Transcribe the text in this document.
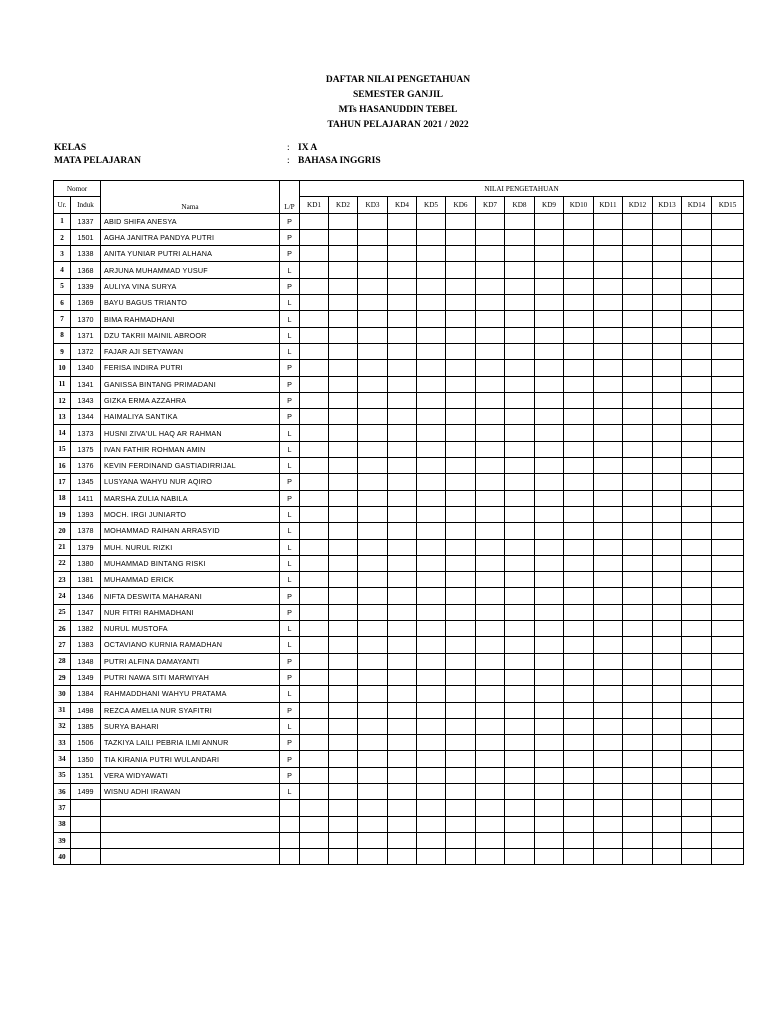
DAFTAR NILAI PENGETAHUAN
SEMESTER GANJIL
MTs HASANUDDIN TEBEL
TAHUN PELAJARAN 2021 / 2022
KELAS	: IX A
MATA PELAJARAN	: BAHASA INGGRIS
Nomor		Nama	L/P	NILAI PENGETAHUAN														
Ur.	Induk			KD1	KD2	KD3	KD4	KD5	KD6	KD7	KD8	KD9	KD10	KD11	KD12	KD13	KD14	KD15
1	1337	ABID SHIFA ANESYA	P															
2	1501	AGHA JANITRA PANDYA PUTRI	P															
3	1338	ANITA YUNIAR PUTRI ALHANA	P															
4	1368	ARJUNA MUHAMMAD YUSUF	L															
5	1339	AULIYA VINA SURYA	P															
6	1369	BAYU BAGUS TRIANTO	L															
7	1370	BIMA RAHMADHANI	L															
8	1371	DZU TAKRII MAINIL ABROOR	L															
9	1372	FAJAR AJI SETYAWAN	L															
10	1340	FERISA INDIRA PUTRI	P															
11	1341	GANISSA BINTANG PRIMADANI	P															
12	1343	GIZKA ERMA AZZAHRA	P															
13	1344	HAIMALIYA SANTIKA	P															
14	1373	HUSNI ZIVA'UL HAQ AR RAHMAN	L															
15	1375	IVAN FATHIR ROHMAN AMIN	L															
16	1376	KEVIN FERDINAND GASTIADIRRIJAL	L															
17	1345	LUSYANA WAHYU NUR AQIRO	P															
18	1411	MARSHA ZULIA NABILA	P															
19	1393	MOCH. IRGI JUNIARTO	L															
20	1378	MOHAMMAD RAIHAN ARRASYID	L															
21	1379	MUH. NURUL RIZKI	L															
22	1380	MUHAMMAD BINTANG RISKI	L															
23	1381	MUHAMMAD ERICK	L															
24	1346	NIFTA DESWITA MAHARANI	P															
25	1347	NUR FITRI RAHMADHANI	P															
26	1382	NURUL MUSTOFA	L															
27	1383	OCTAVIANO KURNIA RAMADHAN	L															
28	1348	PUTRI ALFINA DAMAYANTI	P															
29	1349	PUTRI NAWA SITI MARWIYAH	P															
30	1384	RAHMADDHANI WAHYU PRATAMA	L															
31	1498	REZCA AMELIA NUR SYAFITRI	P															
32	1385	SURYA BAHARI	L															
33	1506	TAZKIYA LAILI PEBRIA ILMI ANNUR	P															
34	1350	TIA KIRANIA PUTRI WULANDARI	P															
35	1351	VERA WIDYAWATI	P															
36	1499	WISNU ADHI IRAWAN	L															
37																		
38																		
39																		
40																		
